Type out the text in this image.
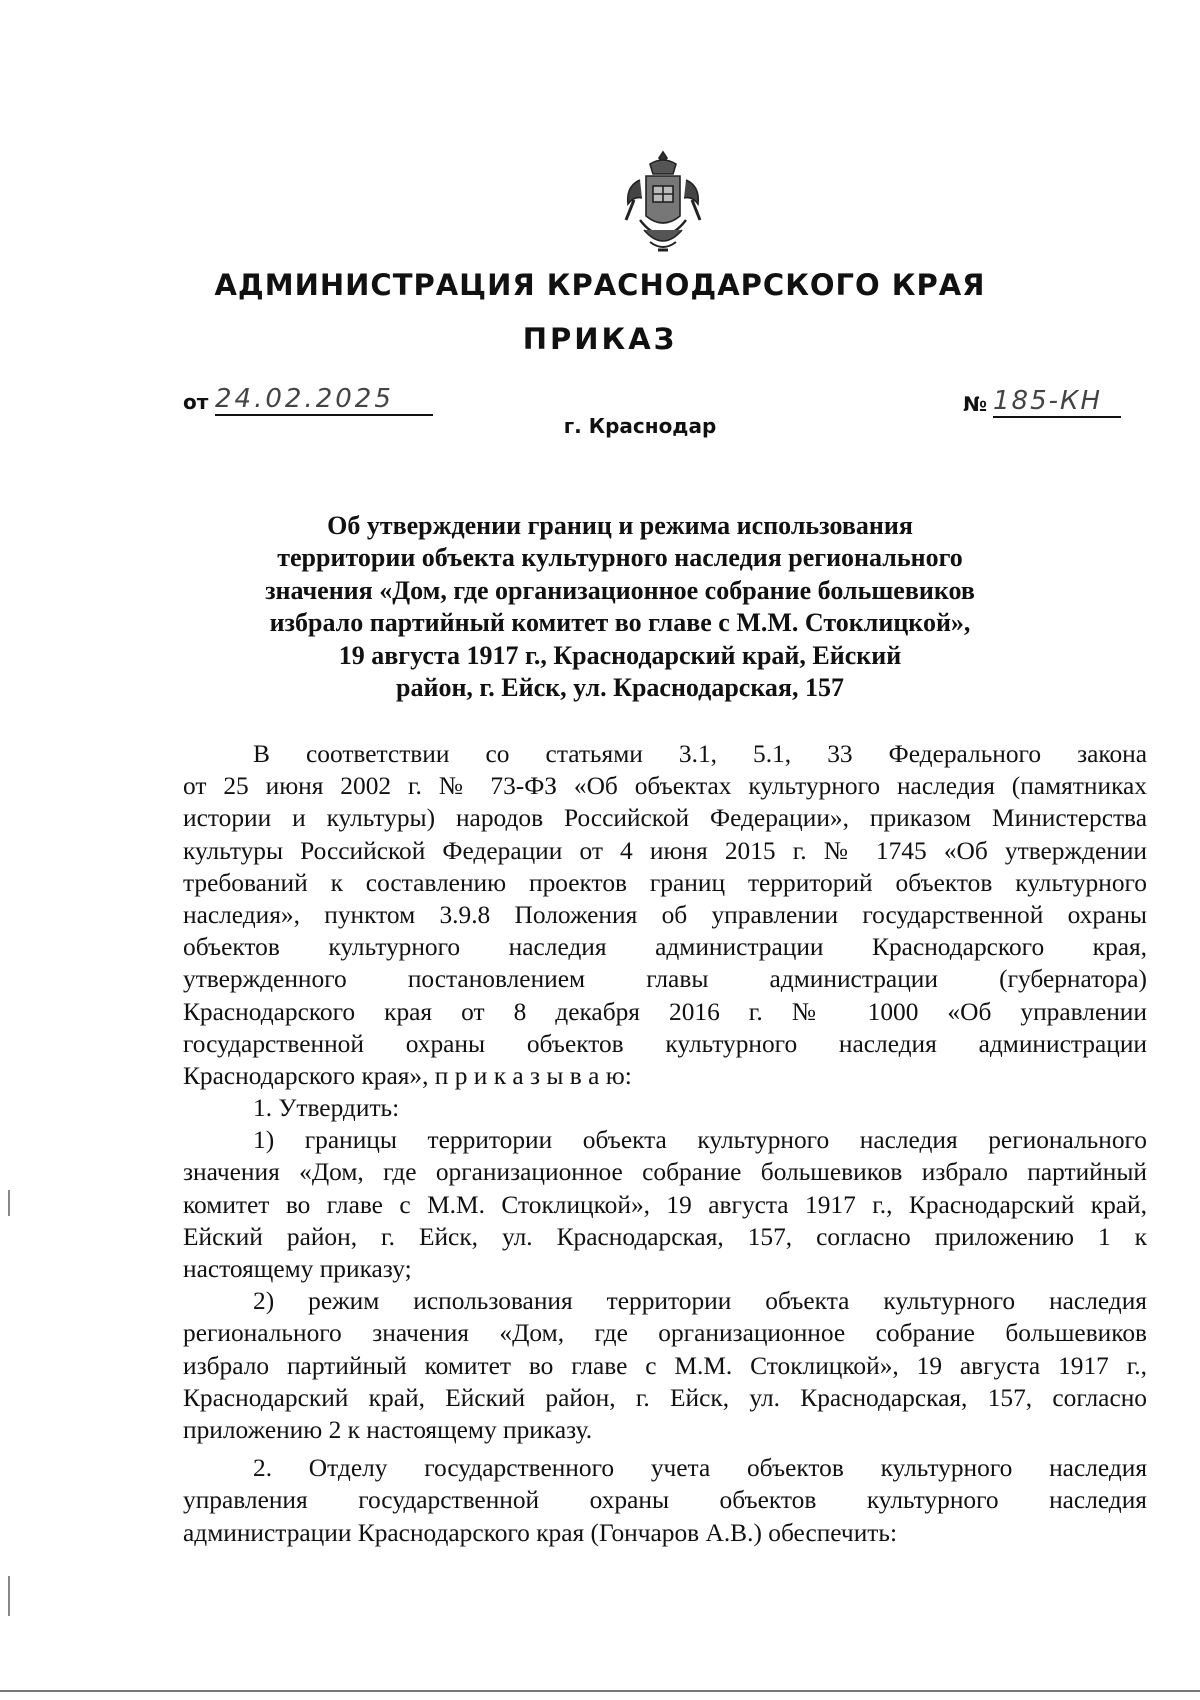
АДМИНИСТРАЦИЯ КРАСНОДАРСКОГО КРАЯ
ПРИКАЗ
от 24.02.2025	№ 185-КН
г. Краснодар
Об утверждении границ и режима использования
территории объекта культурного наследия регионального
значения «Дом, где организационное собрание большевиков
избрало партийный комитет во главе с М.М. Стоклицкой»,
19 августа 1917 г., Краснодарский край, Ейский
район, г. Ейск, ул. Краснодарская, 157
В соответствии со статьями 3.1, 5.1, 33 Федерального закона
от 25 июня 2002 г. № 73-ФЗ «Об объектах культурного наследия (памятниках
истории и культуры) народов Российской Федерации», приказом Министерства
культуры Российской Федерации от 4 июня 2015 г. № 1745 «Об утверждении
требований к составлению проектов границ территорий объектов культурного
наследия», пунктом 3.9.8 Положения об управлении государственной охраны
объектов культурного наследия администрации Краснодарского края,
утвержденного постановлением главы администрации (губернатора)
Краснодарского края от 8 декабря 2016 г. № 1000 «Об управлении
государственной охраны объектов культурного наследия администрации
Краснодарского края», п р и к а з ы в а ю:
1. Утвердить:
1) границы территории объекта культурного наследия регионального
значения «Дом, где организационное собрание большевиков избрало партийный
комитет во главе с М.М. Стоклицкой», 19 августа 1917 г., Краснодарский край,
Ейский район, г. Ейск, ул. Краснодарская, 157, согласно приложению 1 к
настоящему приказу;
2) режим использования территории объекта культурного наследия
регионального значения «Дом, где организационное собрание большевиков
избрало партийный комитет во главе с М.М. Стоклицкой», 19 августа 1917 г.,
Краснодарский край, Ейский район, г. Ейск, ул. Краснодарская, 157, согласно
приложению 2 к настоящему приказу.
2. Отделу государственного учета объектов культурного наследия
управления государственной охраны объектов культурного наследия
администрации Краснодарского края (Гончаров А.В.) обеспечить:
